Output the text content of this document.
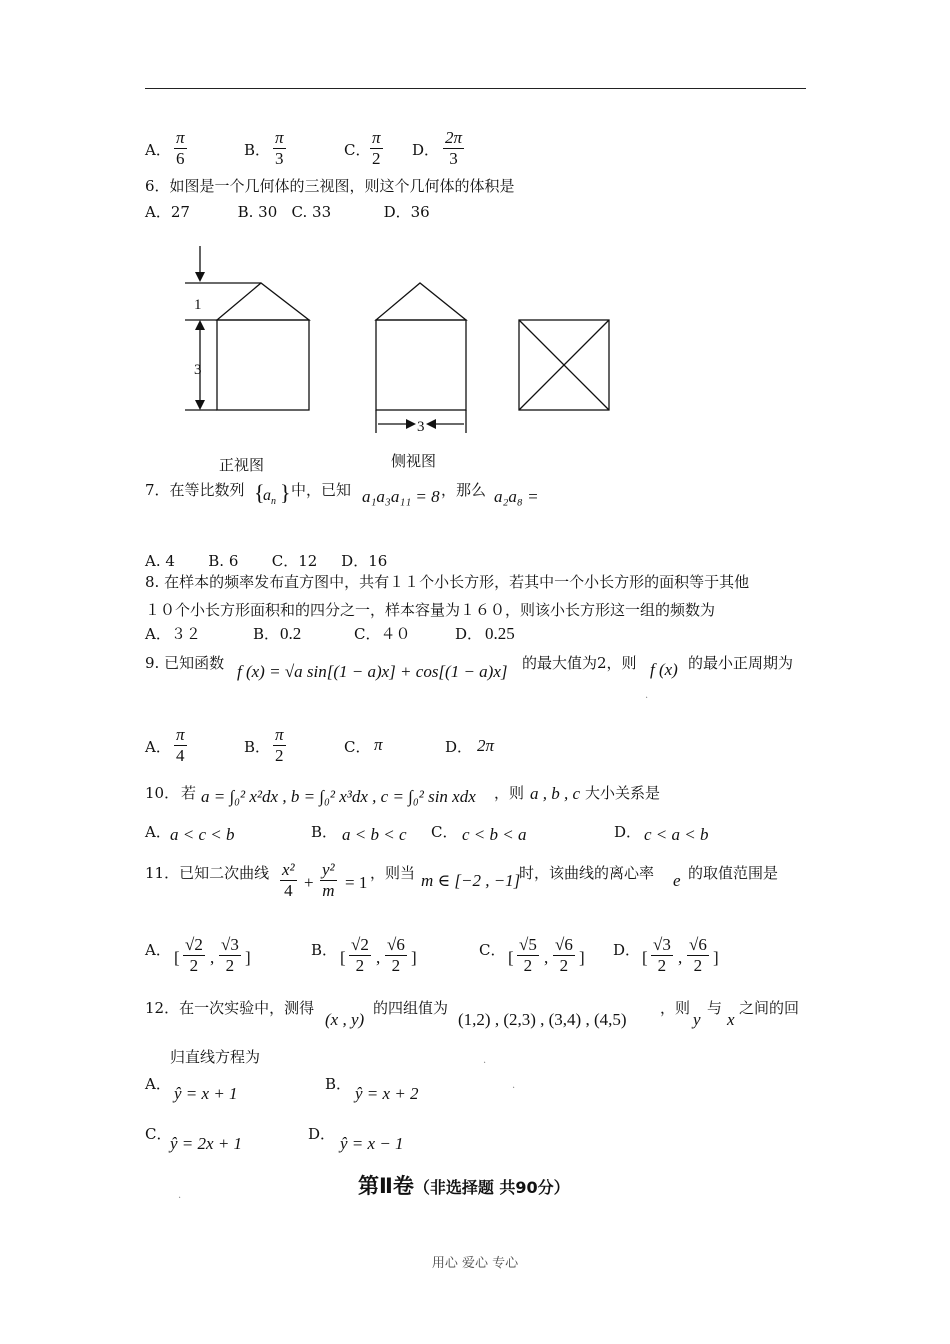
A．
π
6	B．
π
3	C．
π
2 D．
2π
3
6．如图是一个几何体的三视图，则这个几何体的体积是
A．27          B. 30   C. 33           D．36
1
3
3
正视图	侧视图
7．在等比数列 {
$a_n$ } 中，已知 a₁a₃a₁₁ = 8 ，那么 a₂a₈ =
A. 4       B. 6       C．12     D．16
8. 在样本的频率发布直方图中，共有１１个小长方形，若其中一个小长方形的面积等于其他
１０个小长方形面积和的四分之一，样本容量为１６０，则该小长方形这一组的频数为
A．３２	B． 0.2	C．４０	D． 0.25
9. 已知函数 f (x) = √a sin[(1 − a)x] + cos[(1 − a)x] 的最大值为2，则 f (x) 的最小正周期为
A．
π
4	B．
π
2	C． π	D． 2π
10． 若 a = ∫₀² x²dx , b = ∫₀² x³dx , c = ∫₀² sin xdx ，则 a , b , c 大小关系是
A． a < c < b	B． a < b < c C． c < b < a	D． c < a < b
11．已知二次曲线 x²
4 +
y²
m = 1 ，则当 m ∈ [−2 , −1]
时，该曲线的离心率 e 的取值范围是
A． [
√2
2 ,
√3
2 ]	B． [
√2
2 ,
√6
2 ]	C． [
√5
2 ,
√6
2 ] D． [
√3
2 ,
√6
2 ]
12．在一次实验中，测得
(x , y)
的四组值为
(1,2) , (2,3) , (3,4) , (4,5)
，则
y
与
x
之间的回
归直线方程为
A． ŷ = x + 1	B． ŷ = x + 2
C．
ŷ = 2x + 1	D． ŷ = x − 1
第Ⅱ卷（非选择题 共90分）
.
.
.
.
用心 爱心 专心
